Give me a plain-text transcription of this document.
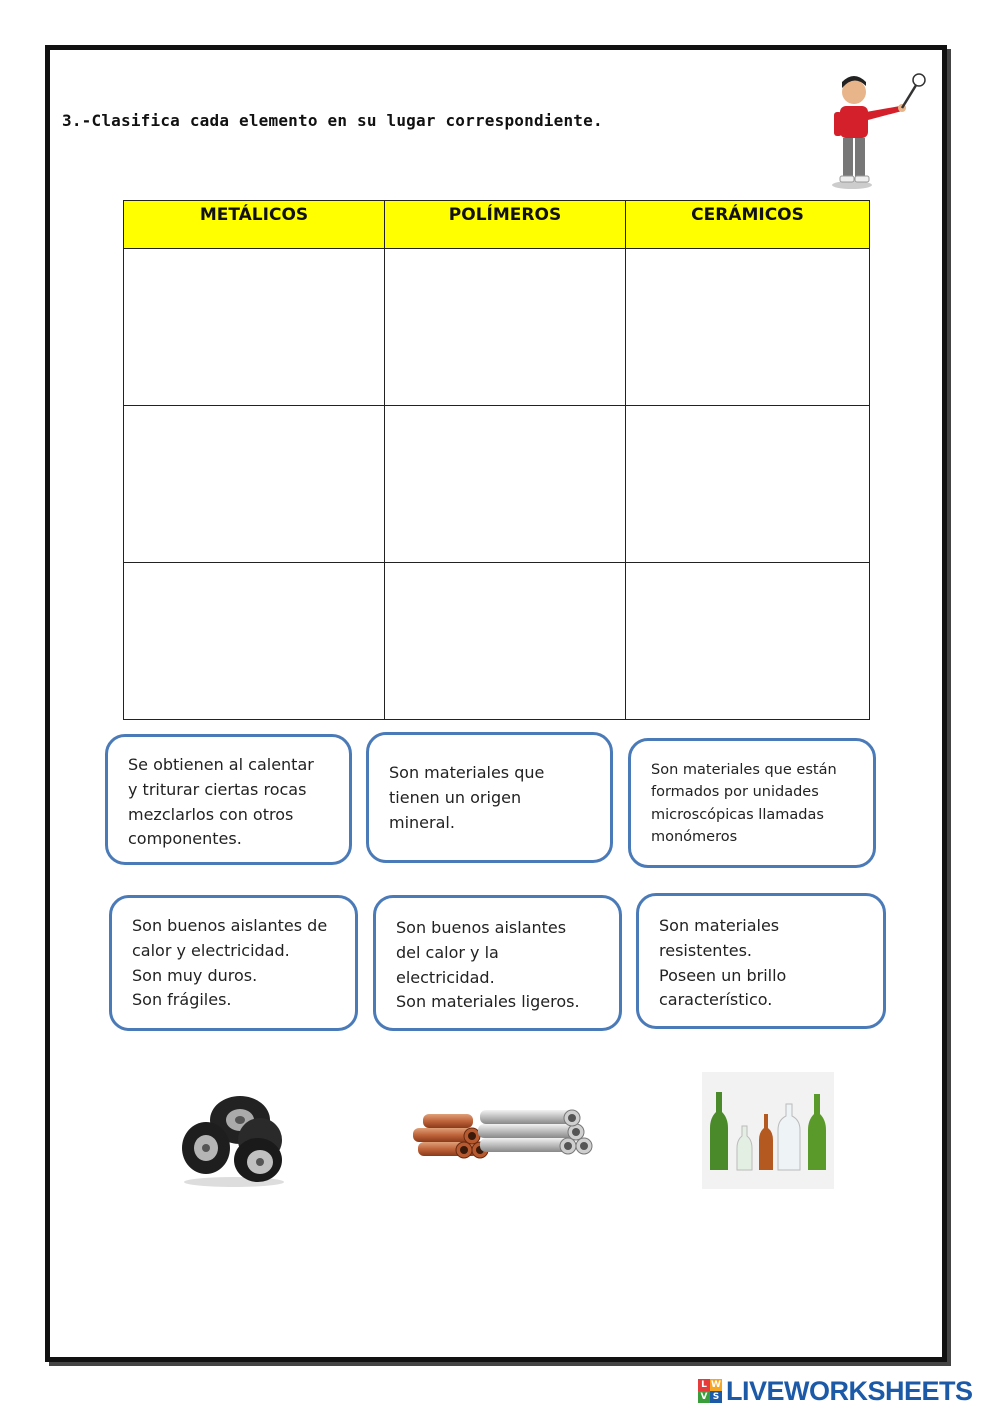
3.-Clasifica cada elemento en su lugar correspondiente.
METÁLICOS	POLÍMEROS	CERÁMICOS

Se obtienen al calentar
y triturar ciertas rocas
mezclarlos con otros
componentes.
Son materiales que
tienen un origen
mineral.
Son materiales que están
formados por unidades
microscópicas llamadas
monómeros
Son buenos aislantes de
calor y electricidad.
Son muy duros.
Son frágiles.
Son buenos aislantes
del calor y la
electricidad.
Son materiales ligeros.
Son materiales
resistentes.
Poseen un brillo
característico.
L W
V S LIVEWORKSHEETS
